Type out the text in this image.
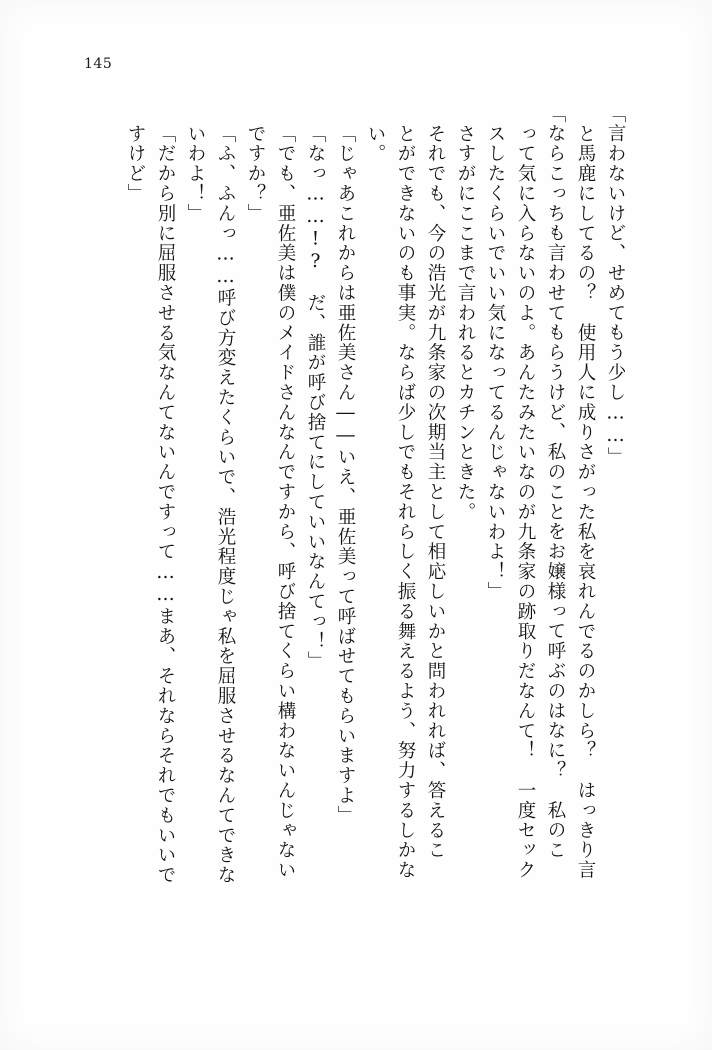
145
「言わないけど、せめてもう少し……」
と馬鹿にしてるの？　使用人に成りさがった私を哀れんでるのかしら？　はっきり言
「ならこっちも言わせてもらうけど、私のことをお嬢様って呼ぶのはなに？　私のこ
って気に入らないのよ。あんたみたいなのが九条家の跡取りだなんて！　一度セック
スしたくらいでいい気になってるんじゃないわよ！」
さすがにここまで言われるとカチンときた。
それでも、今の浩光が九条家の次期当主として相応しいかと問われれば、答えるこ
とができないのも事実。ならば少しでもそれらしく振る舞えるよう、努力するしかな
い。
「じゃあこれからは亜佐美さん――いえ、亜佐美って呼ばせてもらいますよ」
「なっ……!?　だ、誰が呼び捨てにしていいなんてっ！」
「でも、亜佐美は僕のメイドさんなんですから、呼び捨てくらい構わないんじゃない
ですか？」
「ふ、ふんっ……呼び方変えたくらいで、浩光程度じゃ私を屈服させるなんてできな
いわよ！」
「だから別に屈服させる気なんてないんですって……まあ、それならそれでもいいで
すけど」
